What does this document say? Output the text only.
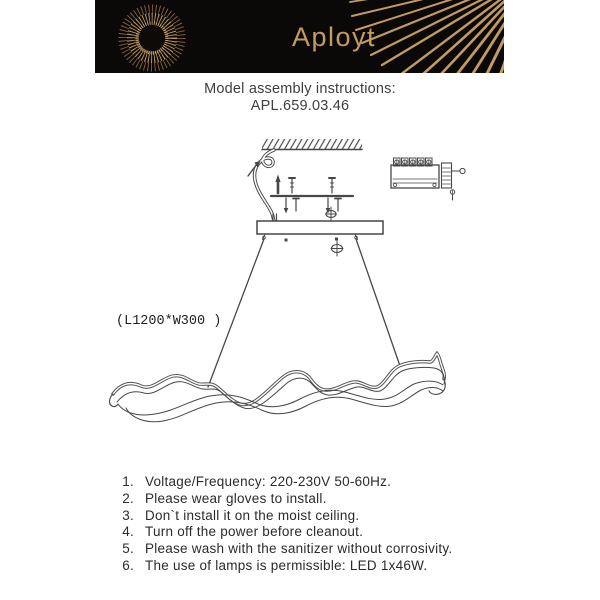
Aployt
Model assembly instructions:
APL.659.03.46
(L1200*W300 )
1. Voltage/Frequency: 220-230V 50-60Hz.
2. Please wear gloves to install.
3. Don`t install it on the moist ceiling.
4. Turn off the power before cleanout.
5. Please wash with the sanitizer without corrosivity.
6. The use of lamps is permissible: LED 1x46W.
